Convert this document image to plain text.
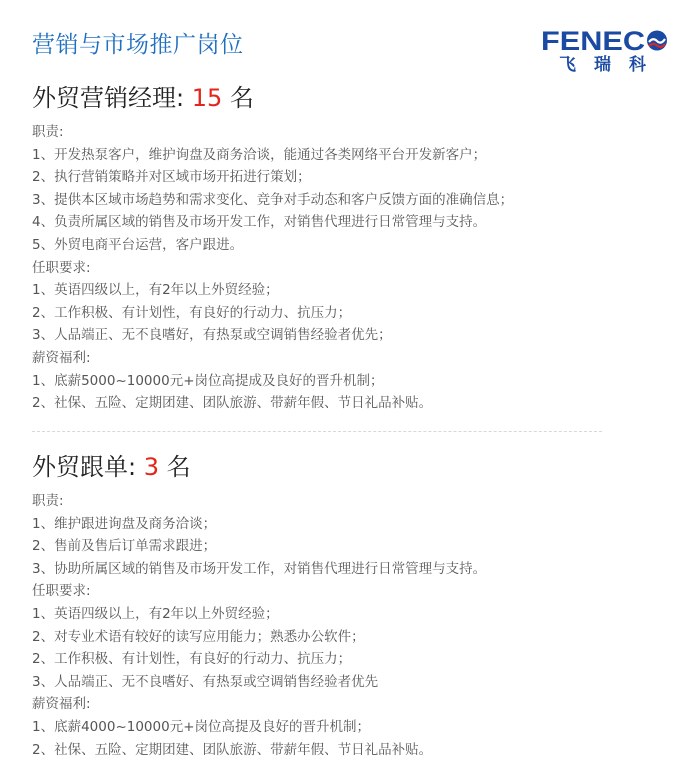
营销与市场推广岗位	FENEC
飞瑞科
外贸营销经理: 15 名
职责:
1、开发热泵客户，维护询盘及商务洽谈，能通过各类网络平台开发新客户；
2、执行营销策略并对区域市场开拓进行策划；
3、提供本区域市场趋势和需求变化、竞争对手动态和客户反馈方面的准确信息；
4、负责所属区域的销售及市场开发工作，对销售代理进行日常管理与支持。
5、外贸电商平台运营，客户跟进。
任职要求:
1、英语四级以上，有2年以上外贸经验；
2、工作积极、有计划性，有良好的行动力、抗压力；
3、人品端正、无不良嗜好，有热泵或空调销售经验者优先；
薪资福利:
1、底薪5000~10000元+岗位高提成及良好的晋升机制；
2、社保、五险、定期团建、团队旅游、带薪年假、节日礼品补贴。
外贸跟单: 3 名
职责:
1、维护跟进询盘及商务洽谈；
2、售前及售后订单需求跟进；
3、协助所属区域的销售及市场开发工作，对销售代理进行日常管理与支持。
任职要求:
1、英语四级以上，有2年以上外贸经验；
2、对专业术语有较好的读写应用能力；熟悉办公软件；
2、工作积极、有计划性，有良好的行动力、抗压力；
3、人品端正、无不良嗜好、有热泵或空调销售经验者优先
薪资福利:
1、底薪4000~10000元+岗位高提及良好的晋升机制；
2、社保、五险、定期团建、团队旅游、带薪年假、节日礼品补贴。
